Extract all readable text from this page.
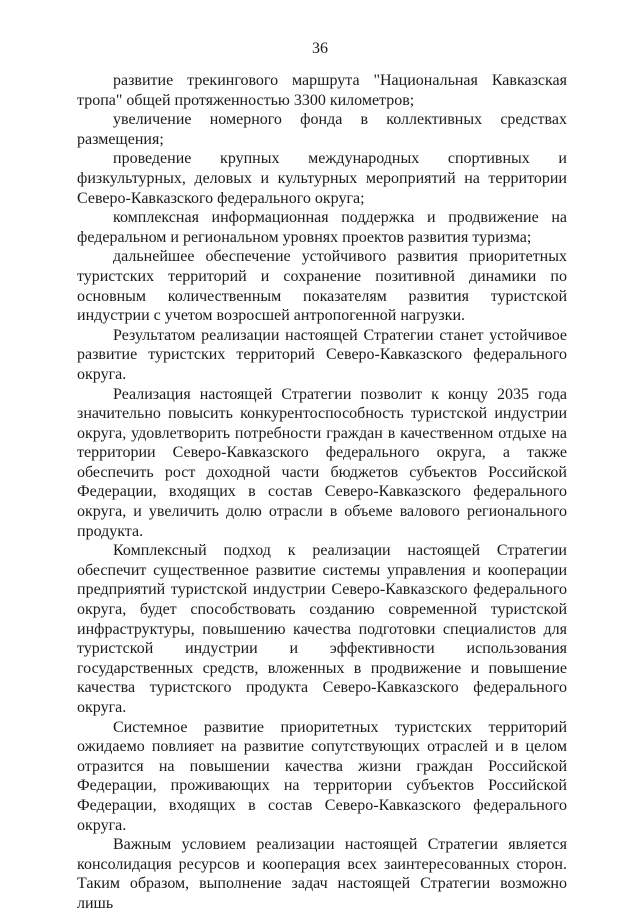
36

развитие трекингового маршрута "Национальная Кавказская тропа" общей протяженностью 3300 километров;

увеличение номерного фонда в коллективных средствах размещения;

проведение крупных международных спортивных и физкультурных, деловых и культурных мероприятий на территории Северо-Кавказского федерального округа;

комплексная информационная поддержка и продвижение на федеральном и региональном уровнях проектов развития туризма;

дальнейшее обеспечение устойчивого развития приоритетных туристских территорий и сохранение позитивной динамики по основным количественным показателям развития туристской индустрии с учетом возросшей антропогенной нагрузки.

Результатом реализации настоящей Стратегии станет устойчивое развитие туристских территорий Северо-Кавказского федерального округа.

Реализация настоящей Стратегии позволит к концу 2035 года значительно повысить конкурентоспособность туристской индустрии округа, удовлетворить потребности граждан в качественном отдыхе на территории Северо-Кавказского федерального округа, а также обеспечить рост доходной части бюджетов субъектов Российской Федерации, входящих в состав Северо-Кавказского федерального округа, и увеличить долю отрасли в объеме валового регионального продукта.

Комплексный подход к реализации настоящей Стратегии обеспечит существенное развитие системы управления и кооперации предприятий туристской индустрии Северо-Кавказского федерального округа, будет способствовать созданию современной туристской инфраструктуры, повышению качества подготовки специалистов для туристской индустрии и эффективности использования государственных средств, вложенных в продвижение и повышение качества туристского продукта Северо-Кавказского федерального округа.

Системное развитие приоритетных туристских территорий ожидаемо повлияет на развитие сопутствующих отраслей и в целом отразится на повышении качества жизни граждан Российской Федерации, проживающих на территории субъектов Российской Федерации, входящих в состав Северо-Кавказского федерального округа.

Важным условием реализации настоящей Стратегии является консолидация ресурсов и кооперация всех заинтересованных сторон. Таким образом, выполнение задач настоящей Стратегии возможно лишь
